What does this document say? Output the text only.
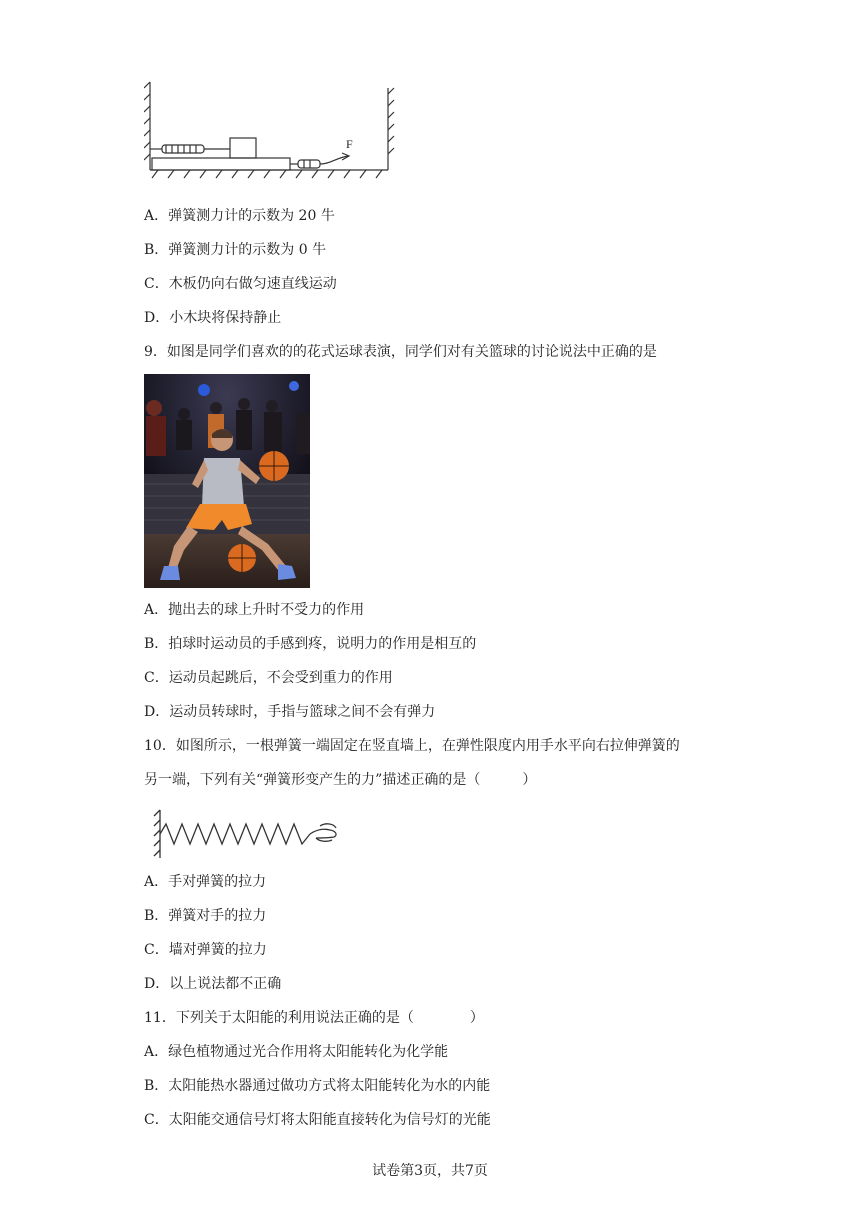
F
A．弹簧测力计的示数为 20 牛
B．弹簧测力计的示数为 0 牛
C．木板仍向右做匀速直线运动
D．小木块将保持静止
9．如图是同学们喜欢的的花式运球表演，同学们对有关篮球的讨论说法中正确的是
A．抛出去的球上升时不受力的作用
B．拍球时运动员的手感到疼，说明力的作用是相互的
C．运动员起跳后，不会受到重力的作用
D．运动员转球时，手指与篮球之间不会有弹力
10．如图所示，一根弹簧一端固定在竖直墙上，在弹性限度内用手水平向右拉伸弹簧的
另一端，下列有关“弹簧形变产生的力”描述正确的是（　　　）
A．手对弹簧的拉力
B．弹簧对手的拉力
C．墙对弹簧的拉力
D．以上说法都不正确
11．下列关于太阳能的利用说法正确的是（　　　　）
A．绿色植物通过光合作用将太阳能转化为化学能
B．太阳能热水器通过做功方式将太阳能转化为水的内能
C．太阳能交通信号灯将太阳能直接转化为信号灯的光能
试卷第3页，共7页
